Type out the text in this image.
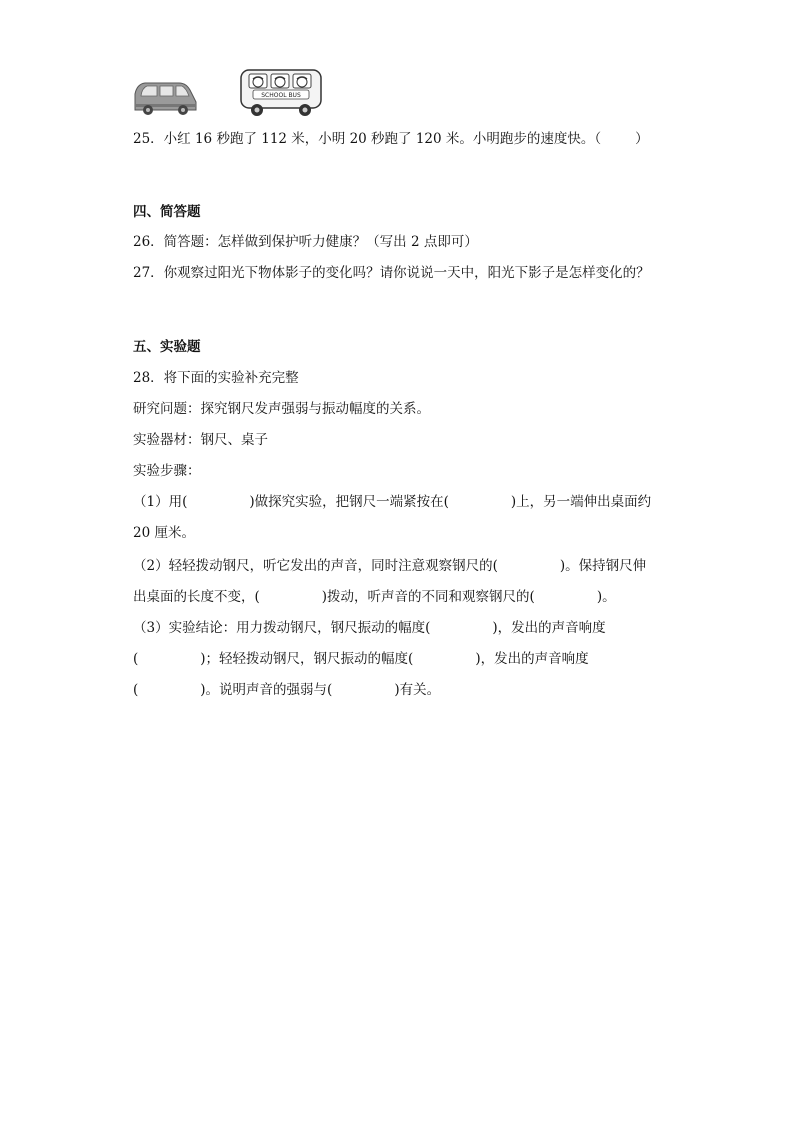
SCHOOL BUS
25．小红 16 秒跑了 112 米，小明 20 秒跑了 120 米。小明跑步的速度快。（	）
四、简答题
26．简答题：怎样做到保护听力健康？（写出 2 点即可）
27．你观察过阳光下物体影子的变化吗？请你说说一天中，阳光下影子是怎样变化的？
五、实验题
28．将下面的实验补充完整
研究问题：探究钢尺发声强弱与振动幅度的关系。
实验器材：钢尺、桌子
实验步骤：
（1）用(	)做探究实验，把钢尺一端紧按在(	)上，另一端伸出桌面约
20 厘米。
（2）轻轻拨动钢尺，听它发出的声音，同时注意观察钢尺的(	)。保持钢尺伸
出桌面的长度不变，(	)拨动，听声音的不同和观察钢尺的(	)。
（3）实验结论：用力拨动钢尺，钢尺振动的幅度(	)，发出的声音响度
(	)；轻轻拨动钢尺，钢尺振动的幅度(	)，发出的声音响度
(	)。说明声音的强弱与(	)有关。
